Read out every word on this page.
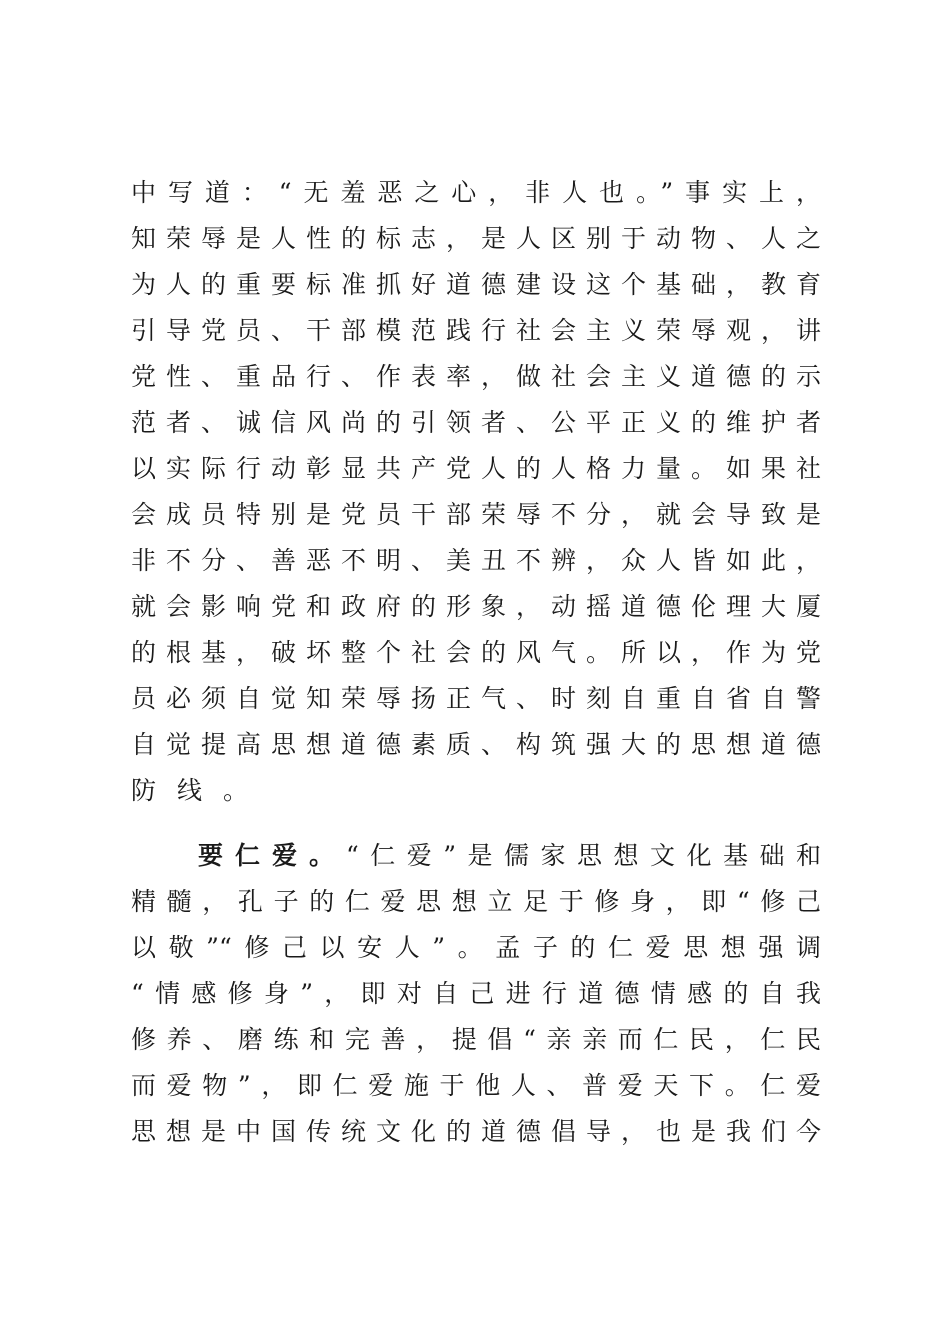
中写道：“无羞恶之心，非人也。”事实上，
知荣辱是人性的标志，是人区别于动物、人之
为人的重要标准抓好道德建设这个基础，教育
引导党员、干部模范践行社会主义荣辱观，讲
党性、重品行、作表率，做社会主义道德的示
范者、诚信风尚的引领者、公平正义的维护者
以实际行动彰显共产党人的人格力量。如果社
会成员特别是党员干部荣辱不分，就会导致是
非不分、善恶不明、美丑不辨，众人皆如此，
就会影响党和政府的形象，动摇道德伦理大厦
的根基，破坏整个社会的风气。所以，作为党
员必须自觉知荣辱扬正气、时刻自重自省自警
自觉提高思想道德素质、构筑强大的思想道德
防线。
要仁爱。 “仁爱”是儒家思想文化基础和
精髓，孔子的仁爱思想立足于修身，即“修己
以敬”“修己以安人”。孟子的仁爱思想强调
“情感修身”，即对自己进行道德情感的自我
修养、磨练和完善，提倡“亲亲而仁民，仁民
而爱物”，即仁爱施于他人、普爱天下。仁爱
思想是中国传统文化的道德倡导，也是我们今
